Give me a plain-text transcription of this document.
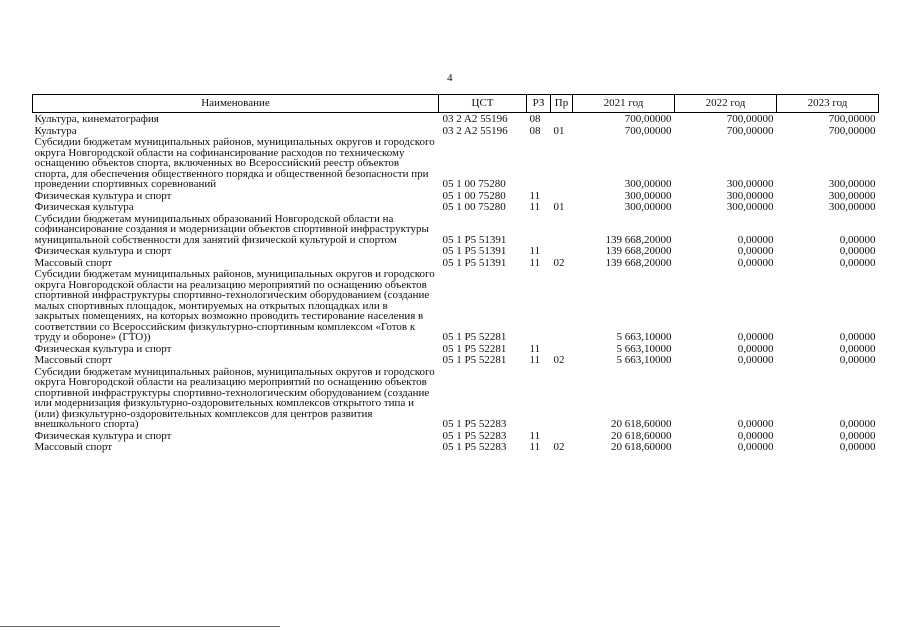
4
Наименование	ЦСТ	РЗ	Пр	2021 год	2022 год	2023 год
Культура, кинематография	03 2 A2 55196	08		700,00000	700,00000	700,00000
Культура	03 2 A2 55196	08	01	700,00000	700,00000	700,00000
Субсидии бюджетам муниципальных районов, муниципальных округов и городского округа Новгородской области на софинансирование расходов по техническому оснащению объектов спорта, включенных во Всероссийский реестр объектов спорта, для обеспечения общественного порядка и общественной безопасности при проведении спортивных соревнований	05 1 00 75280			300,00000	300,00000	300,00000
Физическая культура и спорт	05 1 00 75280	11		300,00000	300,00000	300,00000
Физическая культура	05 1 00 75280	11	01	300,00000	300,00000	300,00000
Субсидии бюджетам муниципальных образований Новгородской области на софинансирование создания и модернизации объектов спортивной инфраструктуры муниципальной собственности для занятий физической культурой и спортом	05 1 P5 51391			139 668,20000	0,00000	0,00000
Физическая культура и спорт	05 1 P5 51391	11		139 668,20000	0,00000	0,00000
Массовый спорт	05 1 P5 51391	11	02	139 668,20000	0,00000	0,00000
Субсидии бюджетам муниципальных районов, муниципальных округов и городского округа Новгородской области на реализацию мероприятий по оснащению объектов спортивной инфраструктуры спортивно-технологическим оборудованием (создание малых спортивных площадок, монтируемых на открытых площадках или в закрытых помещениях, на которых возможно проводить тестирование населения в соответствии со Всероссийским физкультурно-спортивным комплексом «Готов к труду и обороне» (ГТО))	05 1 P5 52281			5 663,10000	0,00000	0,00000
Физическая культура и спорт	05 1 P5 52281	11		5 663,10000	0,00000	0,00000
Массовый спорт	05 1 P5 52281	11	02	5 663,10000	0,00000	0,00000
Субсидии бюджетам муниципальных районов, муниципальных округов и городского округа Новгородской области на реализацию мероприятий по оснащению объектов спортивной инфраструктуры спортивно-технологическим оборудованием (создание или модернизация физкультурно-оздоровительных комплексов открытого типа и (или) физкультурно-оздоровительных комплексов для центров развития внешкольного спорта)	05 1 P5 52283			20 618,60000	0,00000	0,00000
Физическая культура и спорт	05 1 P5 52283	11		20 618,60000	0,00000	0,00000
Массовый спорт	05 1 P5 52283	11	02	20 618,60000	0,00000	0,00000
